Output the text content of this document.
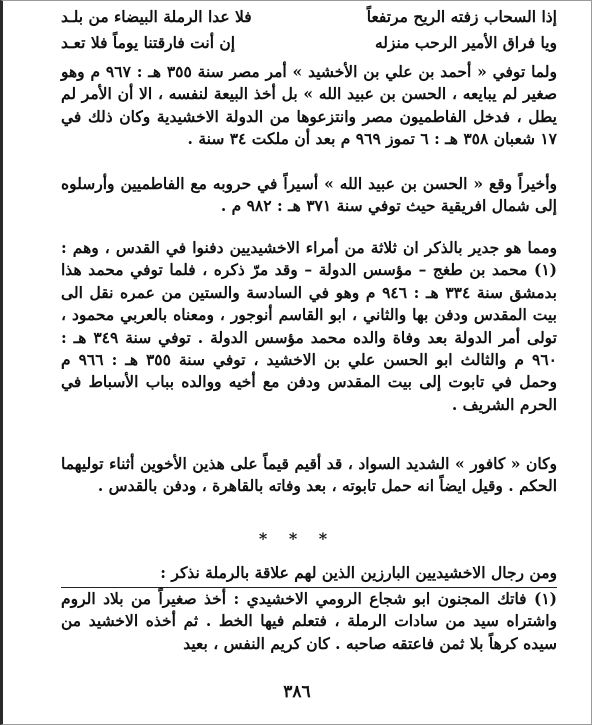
إذا السحاب زفته الريح مرتفعاً
فلا عدا الرملة البيضاء من بلـد
ويا فراق الأمير الرحب منزله
إن أنت فارقتنا يوماً فلا تعـد
ولما توفي « أحمد بن علي بن الأخشيد » أمر مصر سنة ٣٥٥ هـ : ٩٦٧ م وهو صغير لم يبايعه ، الحسن بن عبيد الله » بل أخذ البيعة لنفسه ، الا أن الأمر لم يطل ، فدخل الفاطميون مصر وانتزعوها من الدولة الاخشيدية وكان ذلك في ١٧ شعبان ٣٥٨ هـ : ٦ تموز ٩٦٩ م بعد أن ملكت ٣٤ سنة .
وأخيراً وقع « الحسن بن عبيد الله » أسيراً في حروبه مع الفاطميين وأرسلوه إلى شمال افريقية حيث توفي سنة ٣٧١ هـ : ٩٨٢ م .
ومما هو جدير بالذكر ان ثلاثة من أمراء الاخشيديين دفنوا في القدس ، وهم : (١) محمد بن طغج – مؤسس الدولة – وقد مرّ ذكره ، فلما توفي محمد هذا بدمشق سنة ٣٣٤ هـ : ٩٤٦ م وهو في السادسة والستين من عمره نقل الى بيت المقدس ودفن بها والثاني ، ابو القاسم أنوجور ، ومعناه بالعربي محمود ، تولى أمر الدولة بعد وفاة والده محمد مؤسس الدولة . توفي سنة ٣٤٩ هـ : ٩٦٠ م والثالث ابو الحسن علي بن الاخشيد ، توفي سنة ٣٥٥ هـ : ٩٦٦ م وحمل في تابوت إلى بيت المقدس ودفن مع أخيه ووالده بباب الأسباط في الحرم الشريف .
وكان « كافور » الشديد السواد ، قد أقيم قيماً على هذين الأخوين أثناء توليهما الحكم . وقيل ايضاً انه حمل تابوته ، بعد وفاته بالقاهرة ، ودفن بالقدس .
* * *
ومن رجال الاخشيديين البارزين الذين لهم علاقة بالرملة نذكر :
(١) فاتك المجنون ابو شجاع الرومي الاخشيدي : أخذ صغيراً من بلاد الروم واشتراه سيد من سادات الرملة ، فتعلم فيها الخط . ثم أخذه الاخشيد من سيده كرهاً بلا ثمن فاعتقه صاحبه . كان كريم النفس ، بعيد
٣٨٦
